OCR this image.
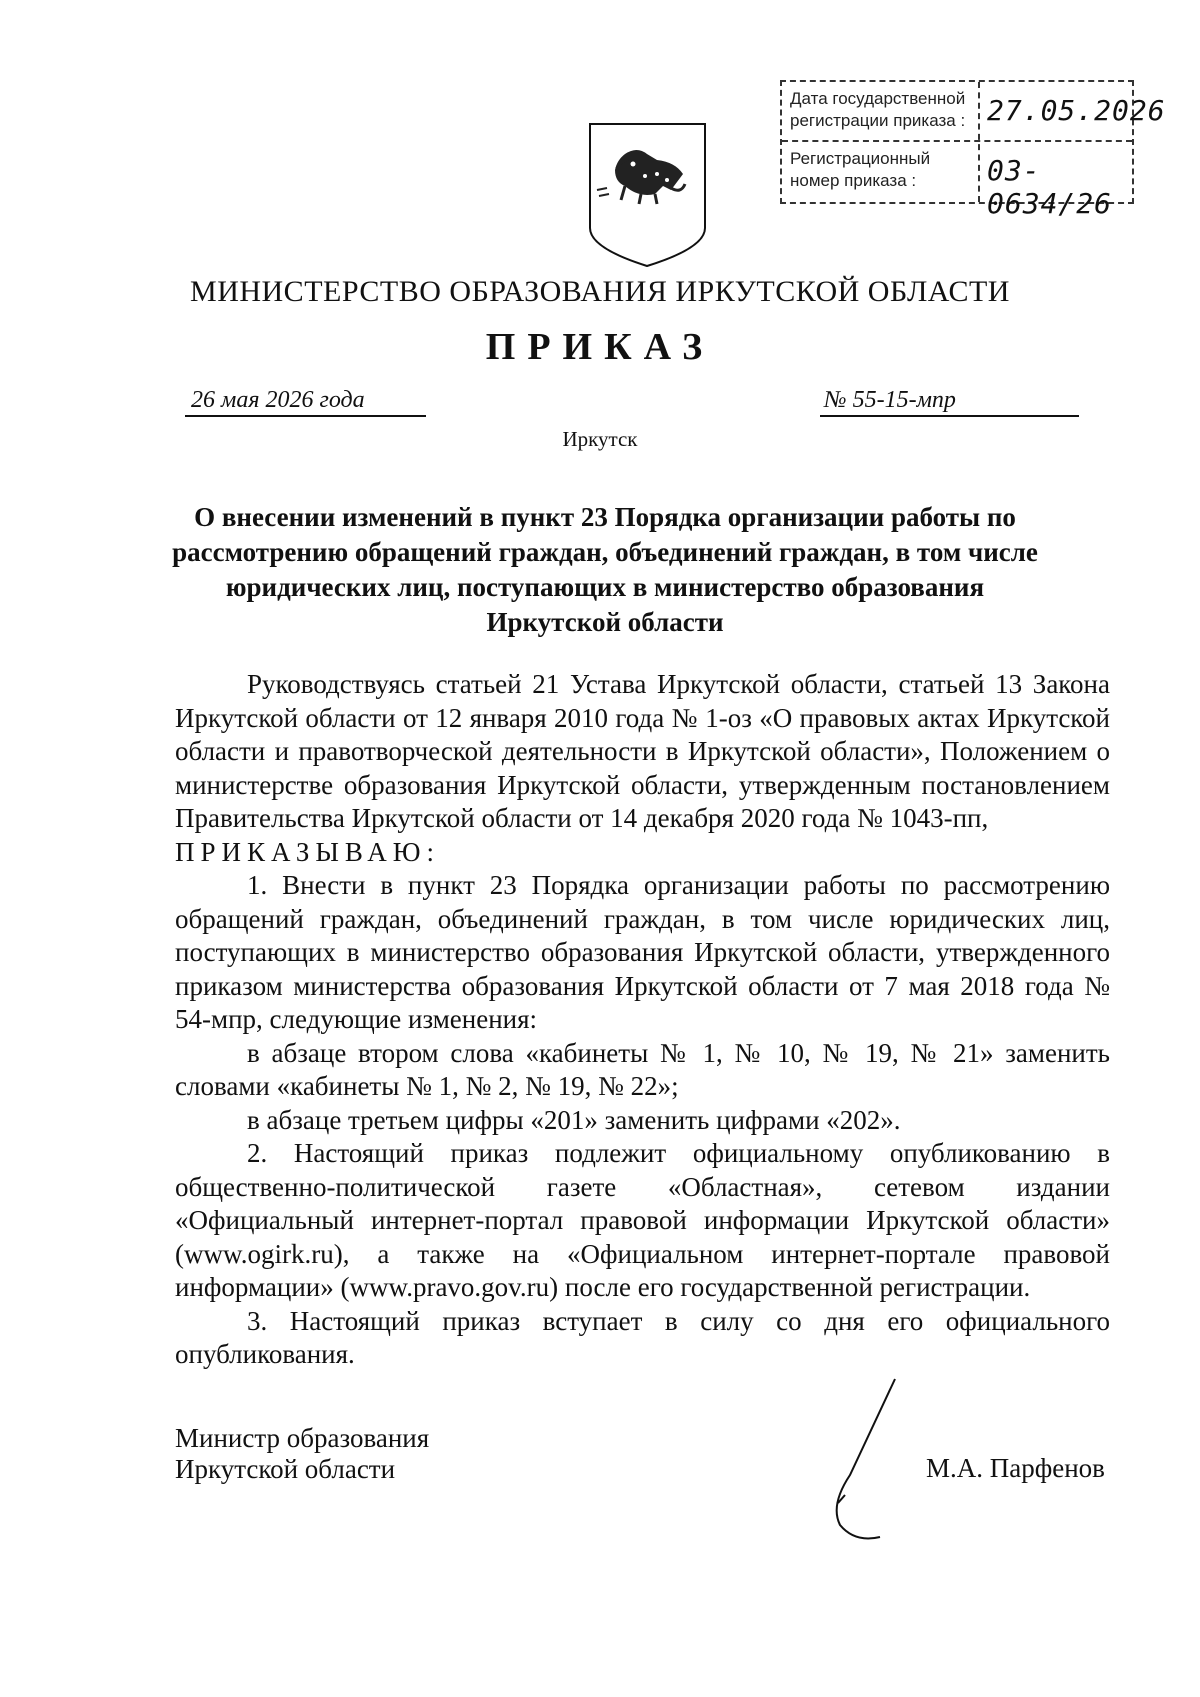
Дата государственной регистрации приказа : 27.05.2026
Регистрационный номер приказа :	03-0634/26
МИНИСТЕРСТВО ОБРАЗОВАНИЯ ИРКУТСКОЙ ОБЛАСТИ
ПРИКАЗ
26 мая 2026 года	№ 55-15-мпр
Иркутск
О внесении изменений в пункт 23 Порядка организации работы по рассмотрению обращений граждан, объединений граждан, в том числе юридических лиц, поступающих в министерство образования Иркутской области

Руководствуясь статьей 21 Устава Иркутской области, статьей 13 Закона Иркутской области от 12 января 2010 года № 1-оз «О правовых актах Иркутской области и правотворческой деятельности в Иркутской области», Положением о министерстве образования Иркутской области, утвержденным постановлением Правительства Иркутской области от 14 декабря 2020 года № 1043-пп,

ПРИКАЗЫВАЮ:

1. Внести в пункт 23 Порядка организации работы по рассмотрению обращений граждан, объединений граждан, в том числе юридических лиц, поступающих в министерство образования Иркутской области, утвержденного приказом министерства образования Иркутской области от 7 мая 2018 года № 54-мпр, следующие изменения:

в абзаце втором слова «кабинеты № 1, № 10, № 19, № 21» заменить словами «кабинеты № 1, № 2, № 19, № 22»;

в абзаце третьем цифры «201» заменить цифрами «202».

2. Настоящий приказ подлежит официальному опубликованию в общественно-политической газете «Областная», сетевом издании «Официальный интернет-портал правовой информации Иркутской области» (www.ogirk.ru), а также на «Официальном интернет-портале правовой информации» (www.pravo.gov.ru) после его государственной регистрации.

3. Настоящий приказ вступает в силу со дня его официального опубликования.

Министр образования
Иркутской области	М.А. Парфенов
